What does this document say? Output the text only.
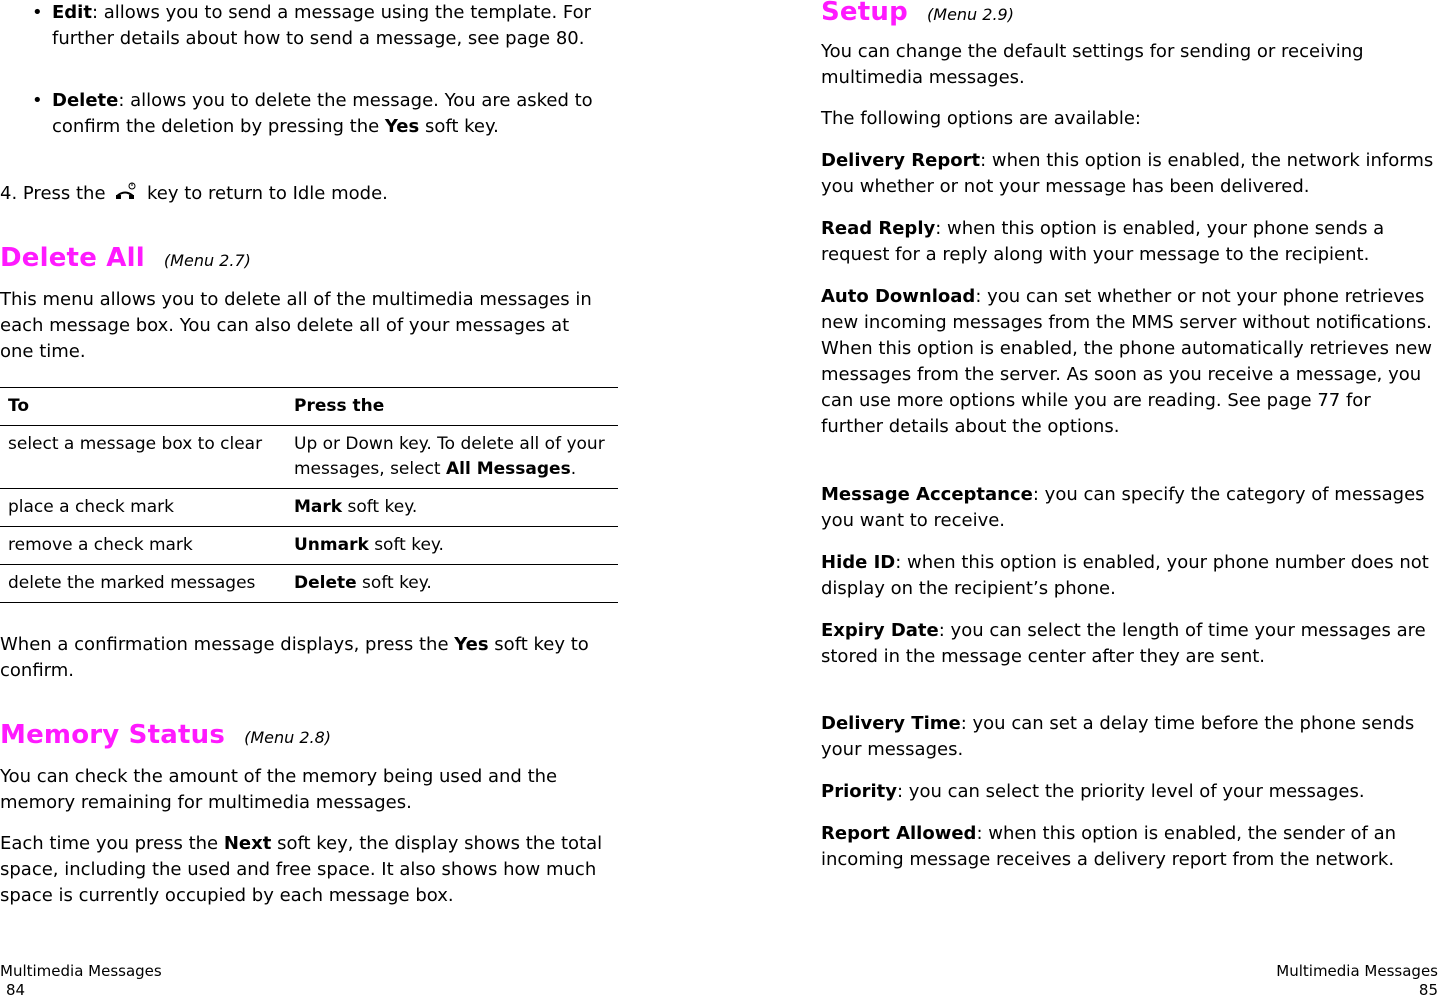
• Edit: allows you to send a message using the template. For further details about how to send a message, see page 80.
• Delete: allows you to delete the message. You are asked to confirm the deletion by pressing the Yes soft key.
4. Press the key to return to Idle mode.
Delete All (Menu 2.7)

This menu allows you to delete all of the multimedia messages in each message box. You can also delete all of your messages at one time.

To	Press the
select a message box to clear	Up or Down key. To delete all of your messages, select All Messages.
place a check mark	Mark soft key.
remove a check mark	Unmark soft key.
delete the marked messages	Delete soft key.

When a confirmation message displays, press the Yes soft key to confirm.

Memory Status (Menu 2.8)

You can check the amount of the memory being used and the memory remaining for multimedia messages.

Each time you press the Next soft key, the display shows the total space, including the used and free space. It also shows how much space is currently occupied by each message box.

Multimedia Messages
84
Setup (Menu 2.9)

You can change the default settings for sending or receiving multimedia messages.

The following options are available:

Delivery Report: when this option is enabled, the network informs you whether or not your message has been delivered.

Read Reply: when this option is enabled, your phone sends a request for a reply along with your message to the recipient.

Auto Download: you can set whether or not your phone retrieves new incoming messages from the MMS server without notifications. When this option is enabled, the phone automatically retrieves new messages from the server. As soon as you receive a message, you can use more options while you are reading. See page 77 for further details about the options.

Message Acceptance: you can specify the category of messages you want to receive.

Hide ID: when this option is enabled, your phone number does not display on the recipient’s phone.

Expiry Date: you can select the length of time your messages are stored in the message center after they are sent.

Delivery Time: you can set a delay time before the phone sends your messages.

Priority: you can select the priority level of your messages.

Report Allowed: when this option is enabled, the sender of an incoming message receives a delivery report from the network.

Multimedia Messages
85
